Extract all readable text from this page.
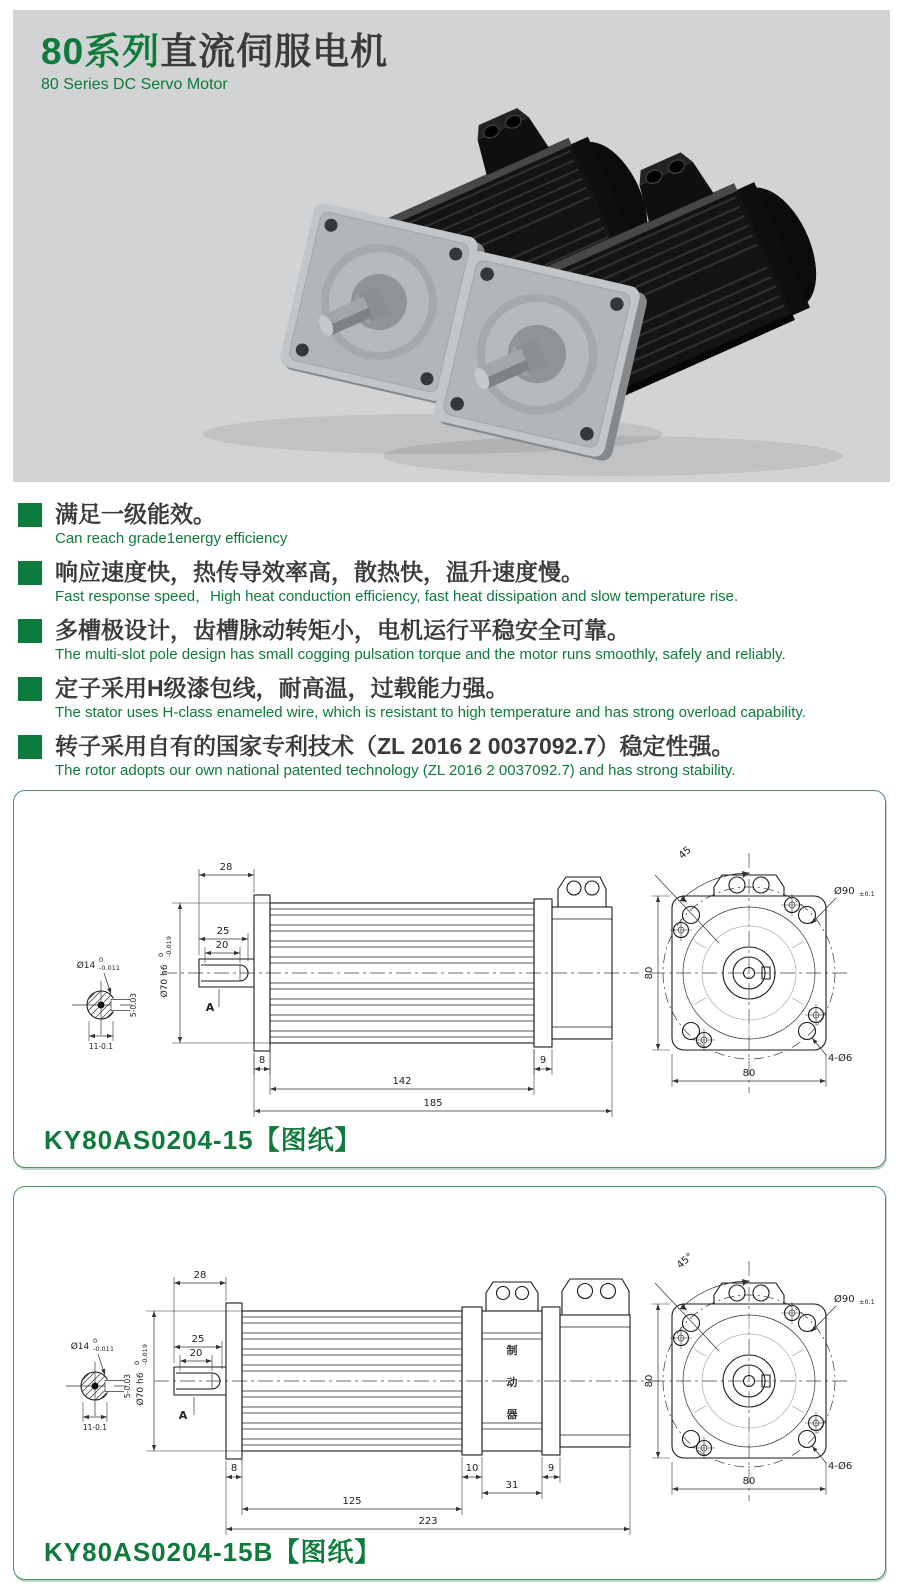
80系列直流伺服电机
80 Series DC Servo Motor
满足一级能效。
Can reach grade1energy efficiency
响应速度快，热传导效率高，散热快，温升速度慢。
Fast response speed，High heat conduction efficiency, fast heat dissipation and slow temperature rise.
多槽极设计，齿槽脉动转矩小，电机运行平稳安全可靠。
The multi-slot pole design has small cogging pulsation torque and the motor runs smoothly, safely and reliably.
定子采用H级漆包线，耐高温，过载能力强。
The stator uses H-class enameled wire, which is resistant to high temperature and has strong overload capability.
转子采用自有的国家专利技术（ZL 2016 2 0037092.7）稳定性强。
The rotor adopts our own national patented technology (ZL 2016 2 0037092.7) and has strong stability.
Ø14
0
-0.011
5-0.03
11-0.1
A
28
25
20
Ø70 h6
0 -0.019
8	9
142
185
45
80
80
Ø90 ±0.1
4-Ø6
KY80AS0204-15【图纸】
Ø14
0
-0.011
5-0.03
11-0.1
制
动
器
A
28
25
20
Ø70 h6
0 -0.019
8	10	9
31
125
223
45°
80
80
Ø90 ±0.1
4-Ø6
KY80AS0204-15B【图纸】
